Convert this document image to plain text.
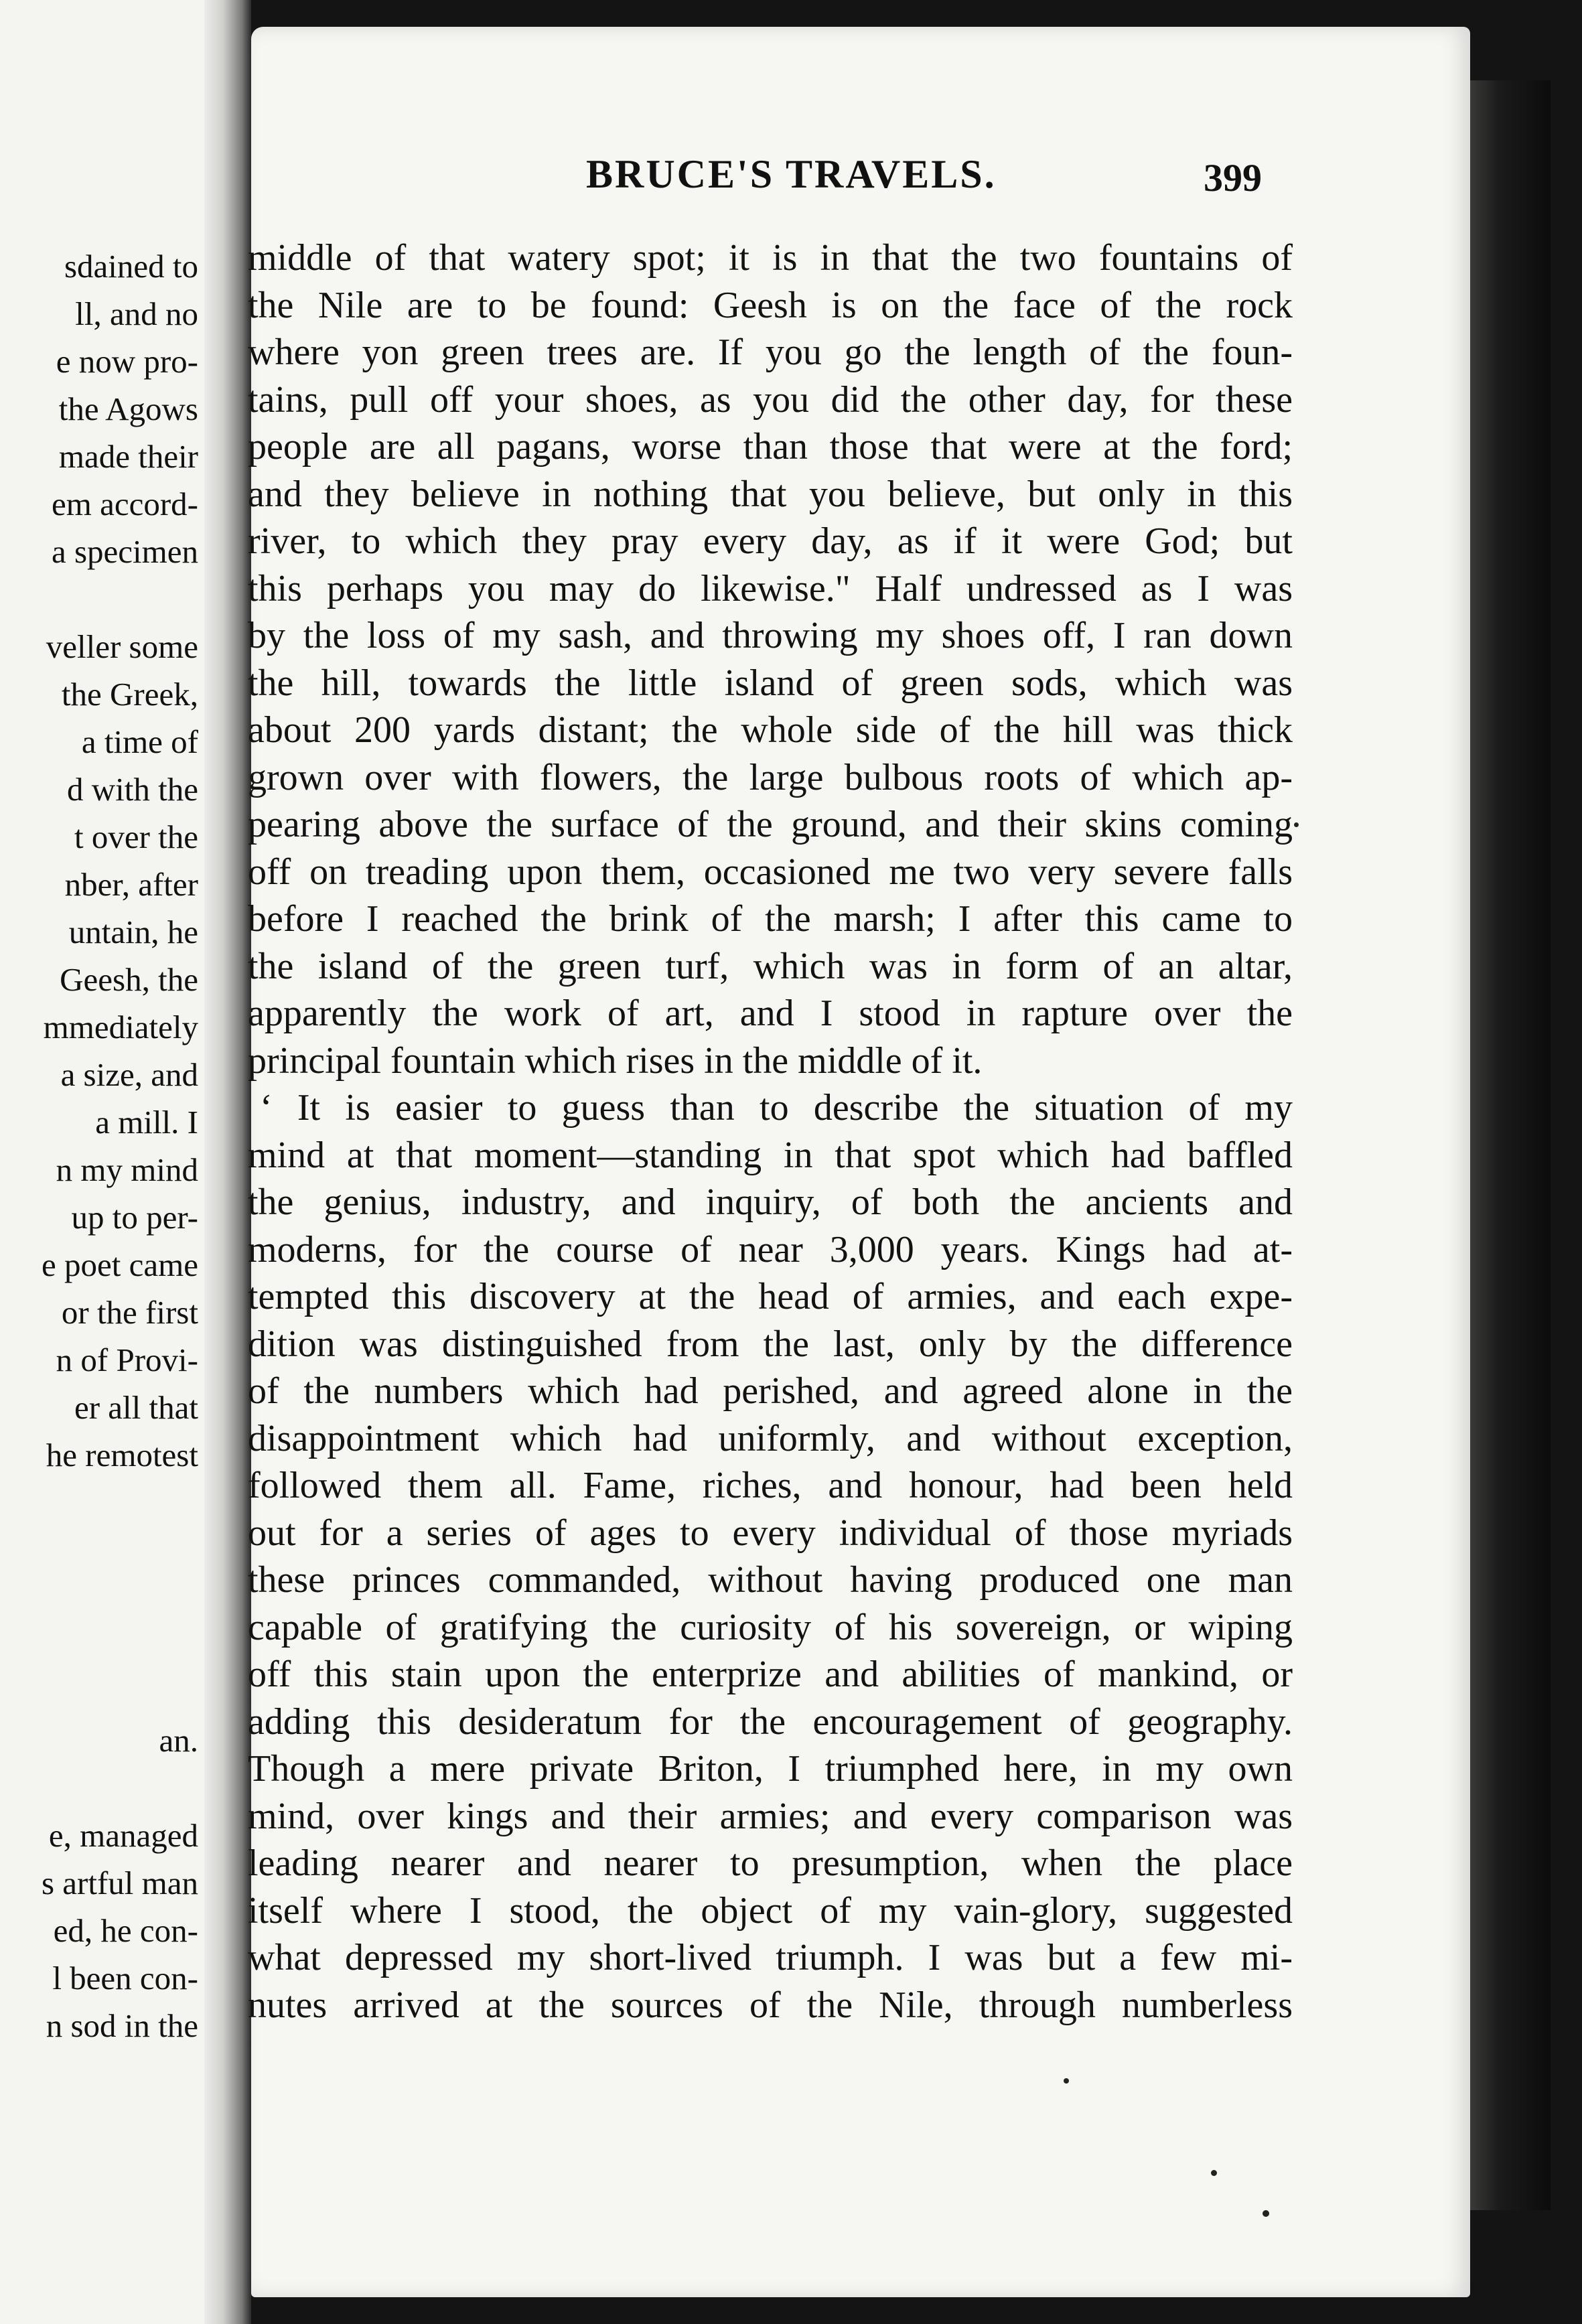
sdained to
ll, and no
e now pro-
the Agows
made their
em accord-
a specimen
veller some
the Greek,
a time of
d with the
t over the
nber, after
untain, he
Geesh, the
mmediately
a size, and
a mill. I
n my mind
up to per-
e poet came
or the first
n of Provi-
er all that
he remotest
an.
e, managed
s artful man
ed, he con-
l been con-
n sod in the
BRUCE'S TRAVELS.	399
middle of that watery spot; it is in that the two fountains of
the Nile are to be found: Geesh is on the face of the rock
where yon green trees are. If you go the length of the foun-
tains, pull off your shoes, as you did the other day, for these
people are all pagans, worse than those that were at the ford;
and they believe in nothing that you believe, but only in this
river, to which they pray every day, as if it were God; but
this perhaps you may do likewise." Half undressed as I was
by the loss of my sash, and throwing my shoes off, I ran down
the hill, towards the little island of green sods, which was
about 200 yards distant; the whole side of the hill was thick
grown over with flowers, the large bulbous roots of which ap-
pearing above the surface of the ground, and their skins coming
off on treading upon them, occasioned me two very severe falls
before I reached the brink of the marsh; I after this came to
the island of the green turf, which was in form of an altar,
apparently the work of art, and I stood in rapture over the
principal fountain which rises in the middle of it.
‘ It is easier to guess than to describe the situation of my
mind at that moment—standing in that spot which had baffled
the genius, industry, and inquiry, of both the ancients and
moderns, for the course of near 3,000 years. Kings had at-
tempted this discovery at the head of armies, and each expe-
dition was distinguished from the last, only by the difference
of the numbers which had perished, and agreed alone in the
disappointment which had uniformly, and without exception,
followed them all. Fame, riches, and honour, had been held
out for a series of ages to every individual of those myriads
these princes commanded, without having produced one man
capable of gratifying the curiosity of his sovereign, or wiping
off this stain upon the enterprize and abilities of mankind, or
adding this desideratum for the encouragement of geography.
Though a mere private Briton, I triumphed here, in my own
mind, over kings and their armies; and every comparison was
leading nearer and nearer to presumption, when the place
itself where I stood, the object of my vain-glory, suggested
what depressed my short-lived triumph. I was but a few mi-
nutes arrived at the sources of the Nile, through numberless
